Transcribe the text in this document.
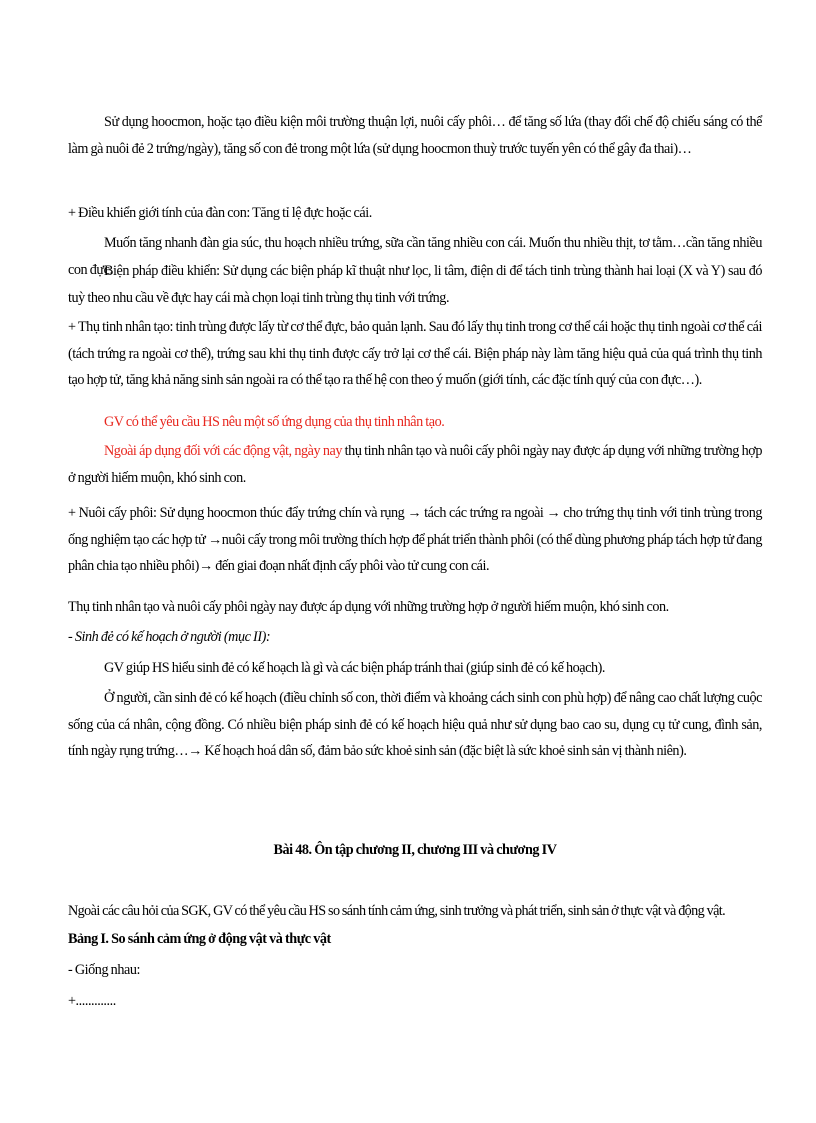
Sử dụng hoocmon, hoặc tạo điều kiện môi trường thuận lợi, nuôi cấy phôi… để tăng số lứa (thay đổi chế độ chiếu sáng có thể làm gà nuôi đẻ 2 trứng/ngày), tăng số con đẻ trong một lứa (sử dụng hoocmon thuỳ trước tuyến yên có thể gây đa thai)…
+ Điều khiển giới tính của đàn con: Tăng tỉ lệ đực hoặc cái.
Muốn tăng nhanh đàn gia súc, thu hoạch nhiều trứng, sữa cần tăng nhiều con cái. Muốn thu nhiều thịt, tơ tằm…cần tăng nhiều con đực.
Biện pháp điều khiển: Sử dụng các biện pháp kĩ thuật như lọc, li tâm, điện di để tách tinh trùng thành hai loại (X và Y) sau đó tuỳ theo nhu cầu về đực hay cái mà chọn loại tinh trùng thụ tinh với trứng.
+ Thụ tinh nhân tạo: tinh trùng được lấy từ cơ thể đực, bảo quản lạnh. Sau đó lấy thụ tinh trong cơ thể cái hoặc thụ tinh ngoài cơ thể cái (tách trứng ra ngoài cơ thể), trứng sau khi thụ tinh được cấy trở lại cơ thể cái. Biện pháp này làm tăng hiệu quả của quá trình thụ tinh tạo hợp tử, tăng khả năng sinh sản ngoài ra có thể tạo ra thế hệ con theo ý muốn (giới tính, các đặc tính quý của con đực…).
GV có thể yêu cầu HS nêu một số ứng dụng của thụ tinh nhân tạo.
Ngoài áp dụng đối với các động vật, ngày nay thụ tinh nhân tạo và nuôi cấy phôi ngày nay được áp dụng với những trường hợp ở người hiếm muộn, khó sinh con.
+ Nuôi cấy phôi: Sử dụng hoocmon thúc đẩy trứng chín và rụng → tách các trứng ra ngoài → cho trứng thụ tinh với tinh trùng trong ống nghiệm tạo các hợp tử →nuôi cấy trong môi trường thích hợp để phát triển thành phôi (có thể dùng phương pháp tách hợp tử đang phân chia tạo nhiều phôi)→ đến giai đoạn nhất định cấy phôi vào tử cung con cái.
Thụ tinh nhân tạo và nuôi cấy phôi ngày nay được áp dụng với những trường hợp ở người hiếm muộn, khó sinh con.
- Sinh đẻ có kế hoạch ở người (mục II):
GV giúp HS hiểu sinh đẻ có kế hoạch là gì và các biện pháp tránh thai (giúp sinh đẻ có kế hoạch).
Ở người, cần sinh đẻ có kế hoạch (điều chỉnh số con, thời điểm và khoảng cách sinh con phù hợp) để nâng cao chất lượng cuộc sống của cá nhân, cộng đồng. Có nhiều biện pháp sinh đẻ có kế hoạch hiệu quả như sử dụng bao cao su, dụng cụ tử cung, đình sản, tính ngày rụng trứng…→ Kế hoạch hoá dân số, đảm bảo sức khoẻ sinh sản (đặc biệt là sức khoẻ sinh sản vị thành niên).
Bài 48. Ôn tập chương II, chương III và chương IV
Ngoài các câu hỏi của SGK, GV có thể yêu cầu HS so sánh tính cảm ứng, sinh trưởng và phát triển, sinh sản ở thực vật và động vật.
Bảng I. So sánh cảm ứng ở động vật và thực vật
- Giống nhau:
+.............
